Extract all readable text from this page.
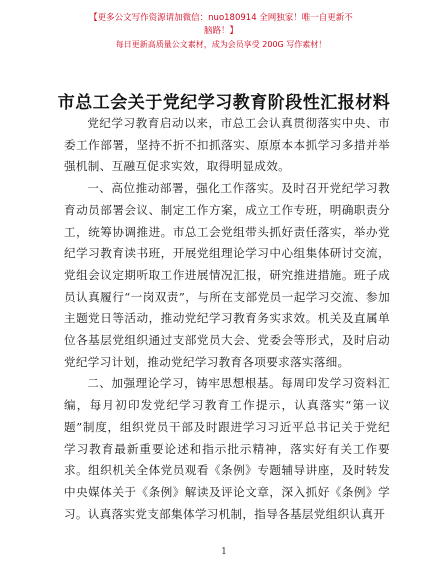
【更多公文写作资源请加微信：nuo180914 全网独家！唯一自更新不脑路！】
每日更新高质量公文素材，成为会员享受 200G 写作素材！
市总工会关于党纪学习教育阶段性汇报材料

党纪学习教育启动以来，市总工会认真贯彻落实中央、市委工作部署，坚持不折不扣抓落实、原原本本抓学习多措并举强机制、互融互促求实效，取得明显成效。

一、高位推动部署，强化工作落实。及时召开党纪学习教育动员部署会议、制定工作方案，成立工作专班，明确职责分工，统筹协调推进。市总工会党组带头抓好责任落实，举办党纪学习教育读书班，开展党组理论学习中心组集体研讨交流，党组会议定期听取工作进展情况汇报，研究推进措施。班子成员认真履行“一岗双责”，与所在支部党员一起学习交流、参加主题党日等活动，推动党纪学习教育务实求效。机关及直属单位各基层党组织通过支部党员大会、党委会等形式，及时启动党纪学习计划，推动党纪学习教育各项要求落实落细。

二、加强理论学习，铸牢思想根基。每周印发学习资料汇编，每月初印发党纪学习教育工作提示，认真落实“第一议题”制度，组织党员干部及时跟进学习习近平总书记关于党纪学习教育最新重要论述和指示批示精神，落实好有关工作要求。组织机关全体党员观看《条例》专题辅导讲座，及时转发中央媒体关于《条例》解读及评论文章，深入抓好《条例》学习。认真落实党支部集体学习机制，指导各基层党组织认真开

1
